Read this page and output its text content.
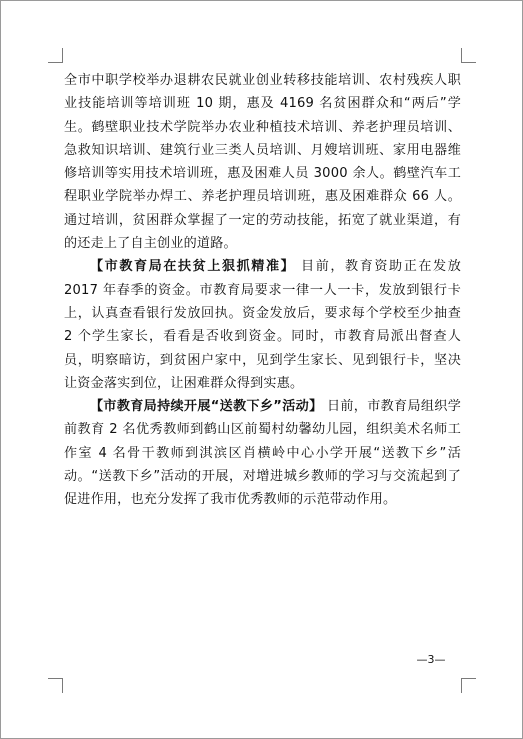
全市中职学校举办退耕农民就业创业转移技能培训、农村残疾人职业技能培训等培训班 10 期，惠及 4169 名贫困群众和“两后”学生。鹤壁职业技术学院举办农业种植技术培训、养老护理员培训、急救知识培训、建筑行业三类人员培训、月嫂培训班、家用电器维修培训等实用技术培训班，惠及困难人员 3000 余人。鹤壁汽车工程职业学院举办焊工、养老护理员培训班，惠及困难群众 66 人。通过培训，贫困群众掌握了一定的劳动技能，拓宽了就业渠道，有的还走上了自主创业的道路。

【市教育局在扶贫上狠抓精准】 目前，教育资助正在发放 2017 年春季的资金。市教育局要求一律一人一卡，发放到银行卡上，认真查看银行发放回执。资金发放后，要求每个学校至少抽查 2 个学生家长，看看是否收到资金。同时，市教育局派出督查人员，明察暗访，到贫困户家中，见到学生家长、见到银行卡，坚决让资金落实到位，让困难群众得到实惠。

【市教育局持续开展“送教下乡”活动】 日前，市教育局组织学前教育 2 名优秀教师到鹤山区前蜀村幼馨幼儿园，组织美术名师工作室 4 名骨干教师到淇滨区肖横岭中心小学开展“送教下乡”活动。“送教下乡”活动的开展，对增进城乡教师的学习与交流起到了促进作用，也充分发挥了我市优秀教师的示范带动作用。

—3—
